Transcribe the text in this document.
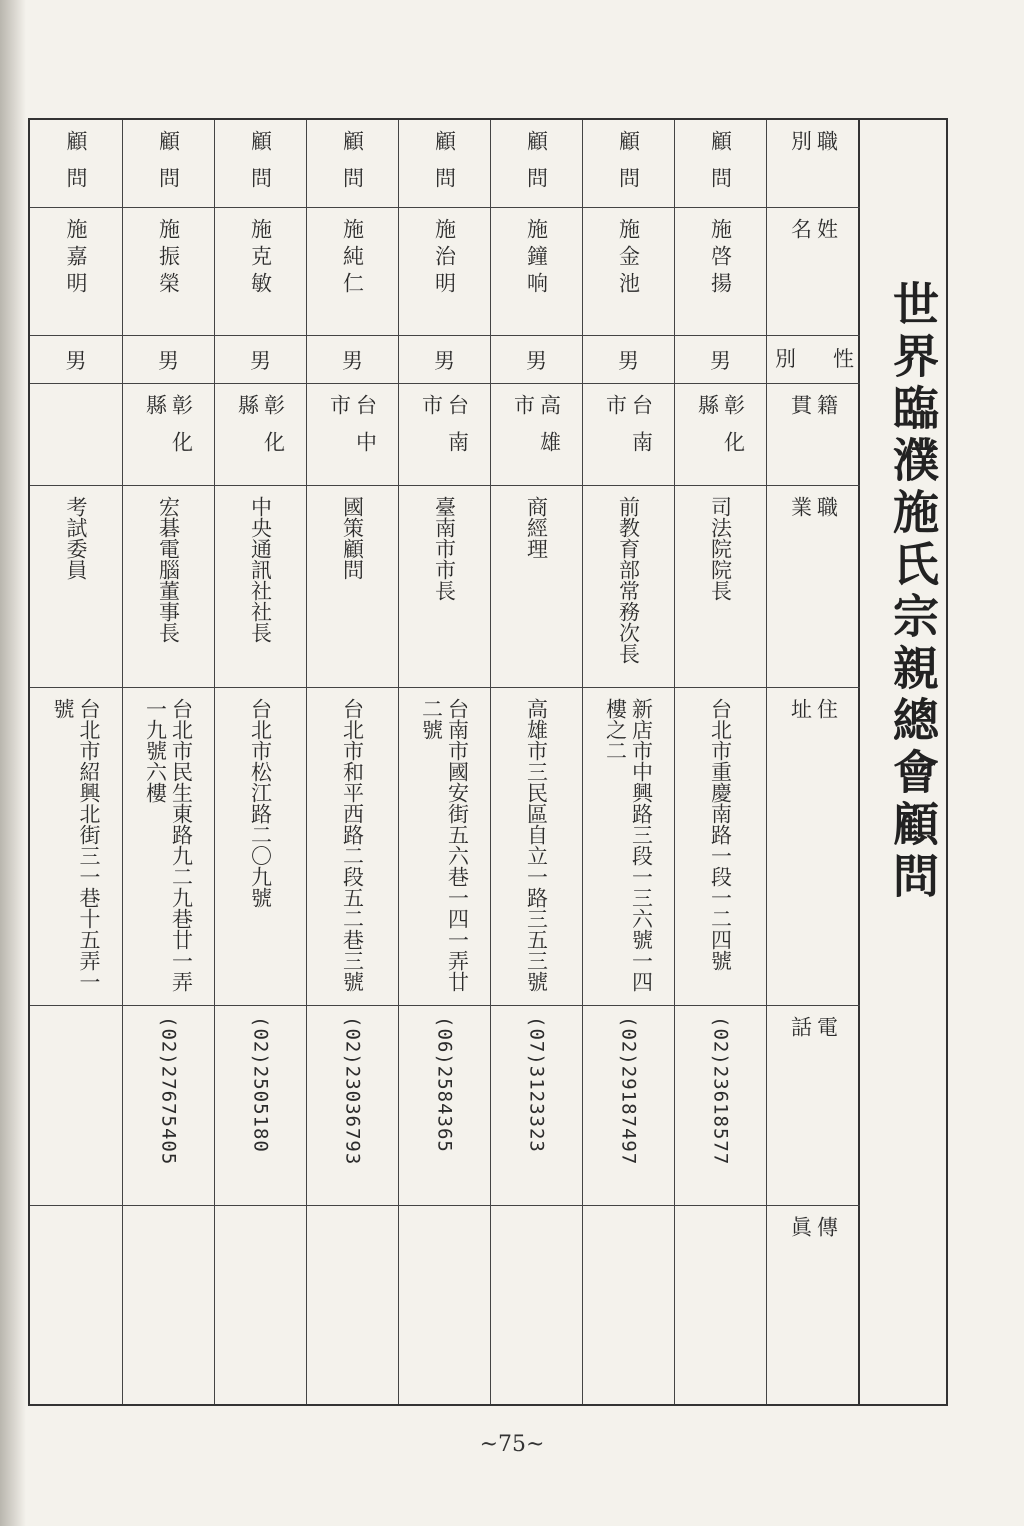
世界臨濮施氏宗親總會顧問
職別
姓名
別 性
籍貫
職業
住址
電話
傳眞
顧問
施啓揚
男
彰化縣
司法院院長
台北市重慶南路一段一二四號
(02)23618577
顧問
施金池
男
台南市
前教育部常務次長
新店市中興路三段一三六號一四樓之二
(02)29187497
顧問
施鐘响
男
高雄市
商經理
高雄市三民區自立一路三五三號
(07)3123323
顧問
施治明
男
台南市
臺南市市長
台南市國安街五六巷一四一弄廿二號
(06)2584365
顧問
施純仁
男
台中市
國策顧問
台北市和平西路二段五二巷三號
(02)23036793
顧問
施克敏
男
彰化縣
中央通訊社社長
台北市松江路二〇九號
(02)2505180
顧問
施振榮
男
彰化縣
宏碁電腦董事長
台北市民生東路九二九巷廿一弄一九號六樓
(02)27675405
顧問
施嘉明
男
考試委員
台北市紹興北街三一巷十五弄一號
~75~
